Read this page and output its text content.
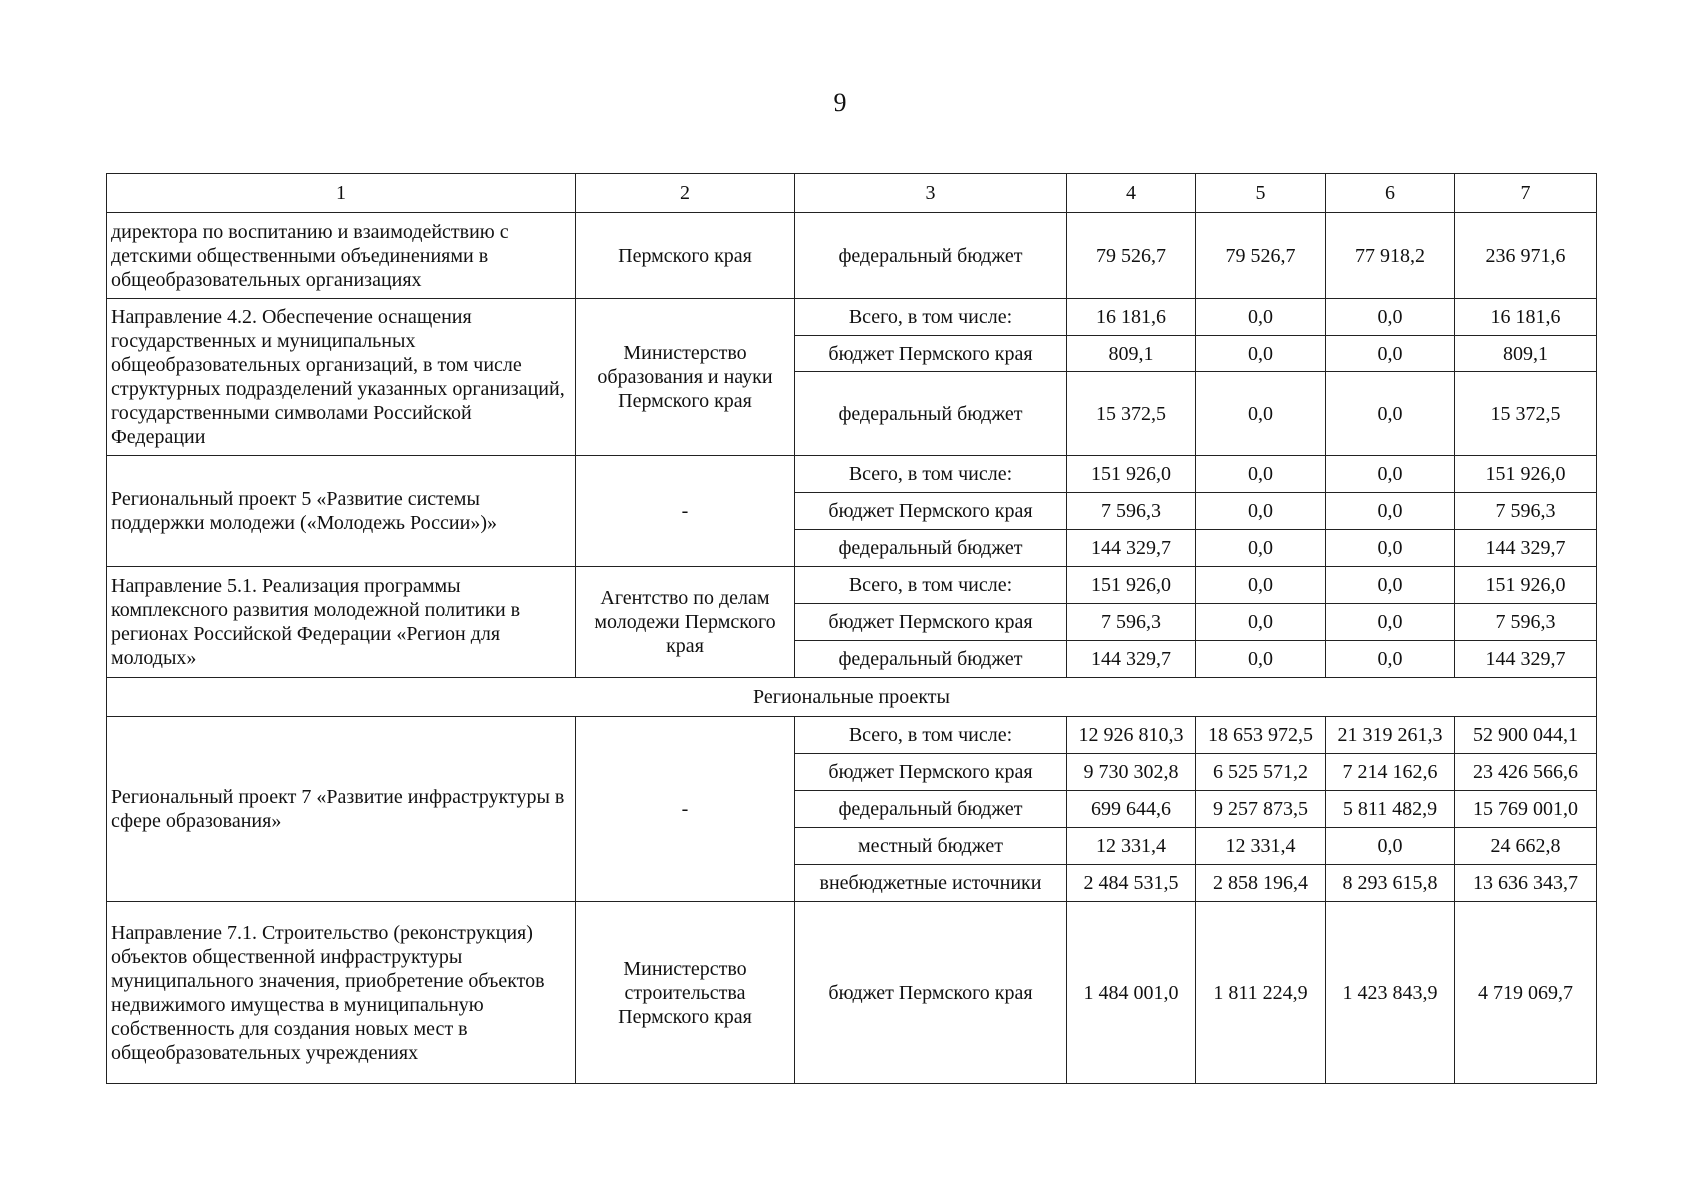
9
1	2	3	4	5	6	7
директора по воспитанию и взаимодействию с детскими общественными объединениями в общеобразовательных организациях	Пермского края	федеральный бюджет	79 526,7	79 526,7	77 918,2	236 971,6
Направление 4.2. Обеспечение оснащения государственных и муниципальных общеобразовательных организаций, в том числе структурных подразделений указанных организаций, государственными символами Российской Федерации	Министерство образования и науки Пермского края	Всего, в том числе:	16 181,6	0,0	0,0	16 181,6
		бюджет Пермского края	809,1	0,0	0,0	809,1
		федеральный бюджет	15 372,5	0,0	0,0	15 372,5
Региональный проект 5 «Развитие системы поддержки молодежи («Молодежь России»)»	-	Всего, в том числе:	151 926,0	0,0	0,0	151 926,0
		бюджет Пермского края	7 596,3	0,0	0,0	7 596,3
		федеральный бюджет	144 329,7	0,0	0,0	144 329,7
Направление 5.1. Реализация программы комплексного развития молодежной политики в регионах Российской Федерации «Регион для молодых»	Агентство по делам молодежи Пермского края	Всего, в том числе:	151 926,0	0,0	0,0	151 926,0
		бюджет Пермского края	7 596,3	0,0	0,0	7 596,3
		федеральный бюджет	144 329,7	0,0	0,0	144 329,7
Региональные проекты						
Региональный проект 7 «Развитие инфраструктуры в сфере образования»	-	Всего, в том числе:	12 926 810,3	18 653 972,5	21 319 261,3	52 900 044,1
		бюджет Пермского края	9 730 302,8	6 525 571,2	7 214 162,6	23 426 566,6
		федеральный бюджет	699 644,6	9 257 873,5	5 811 482,9	15 769 001,0
		местный бюджет	12 331,4	12 331,4	0,0	24 662,8
		внебюджетные источники	2 484 531,5	2 858 196,4	8 293 615,8	13 636 343,7
Направление 7.1. Строительство (реконструкция) объектов общественной инфраструктуры муниципального значения, приобретение объектов недвижимого имущества в муниципальную собственность для создания новых мест в общеобразовательных учреждениях	Министерство строительства Пермского края	бюджет Пермского края	1 484 001,0	1 811 224,9	1 423 843,9	4 719 069,7
